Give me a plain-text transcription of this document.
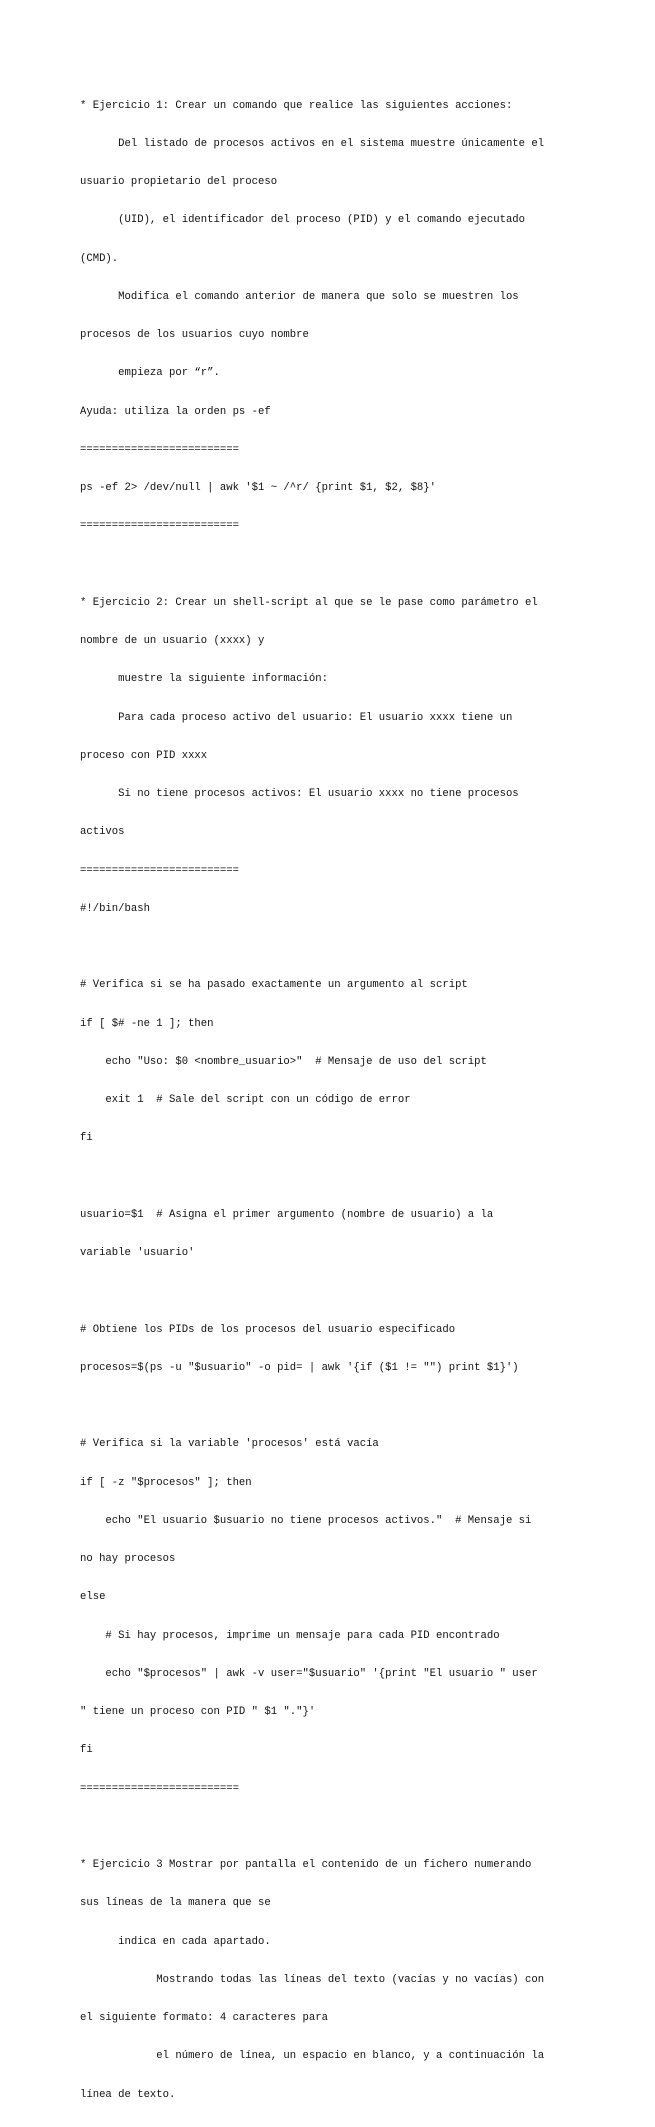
* Ejercicio 1: Crear un comando que realice las siguientes acciones:

Del listado de procesos activos en el sistema muestre únicamente el

usuario propietario del proceso

(UID), el identificador del proceso (PID) y el comando ejecutado

(CMD).

Modifica el comando anterior de manera que solo se muestren los

procesos de los usuarios cuyo nombre

empieza por “r”.

Ayuda: utiliza la orden ps -ef

=========================

ps -ef 2> /dev/null | awk '$1 ~ /^r/ {print $1, $2, $8}'

=========================

* Ejercicio 2: Crear un shell-script al que se le pase como parámetro el

nombre de un usuario (xxxx) y

muestre la siguiente información:

Para cada proceso activo del usuario: El usuario xxxx tiene un

proceso con PID xxxx

Si no tiene procesos activos: El usuario xxxx no tiene procesos

activos

=========================

#!/bin/bash

# Verifica si se ha pasado exactamente un argumento al script

if [ $# -ne 1 ]; then

echo "Uso: $0 <nombre_usuario>"  # Mensaje de uso del script

exit 1  # Sale del script con un código de error

fi

usuario=$1  # Asigna el primer argumento (nombre de usuario) a la

variable 'usuario'

# Obtiene los PIDs de los procesos del usuario especificado

procesos=$(ps -u "$usuario" -o pid= | awk '{if ($1 != "") print $1}')

# Verifica si la variable 'procesos' está vacía

if [ -z "$procesos" ]; then

echo "El usuario $usuario no tiene procesos activos."  # Mensaje si

no hay procesos

else

# Si hay procesos, imprime un mensaje para cada PID encontrado

echo "$procesos" | awk -v user="$usuario" '{print "El usuario " user

" tiene un proceso con PID " $1 "."}'

fi

=========================

* Ejercicio 3 Mostrar por pantalla el contenido de un fichero numerando

sus líneas de la manera que se

indica en cada apartado.

Mostrando todas las líneas del texto (vacías y no vacías) con

el siguiente formato: 4 caracteres para

el número de línea, un espacio en blanco, y a continuación la

línea de texto.
